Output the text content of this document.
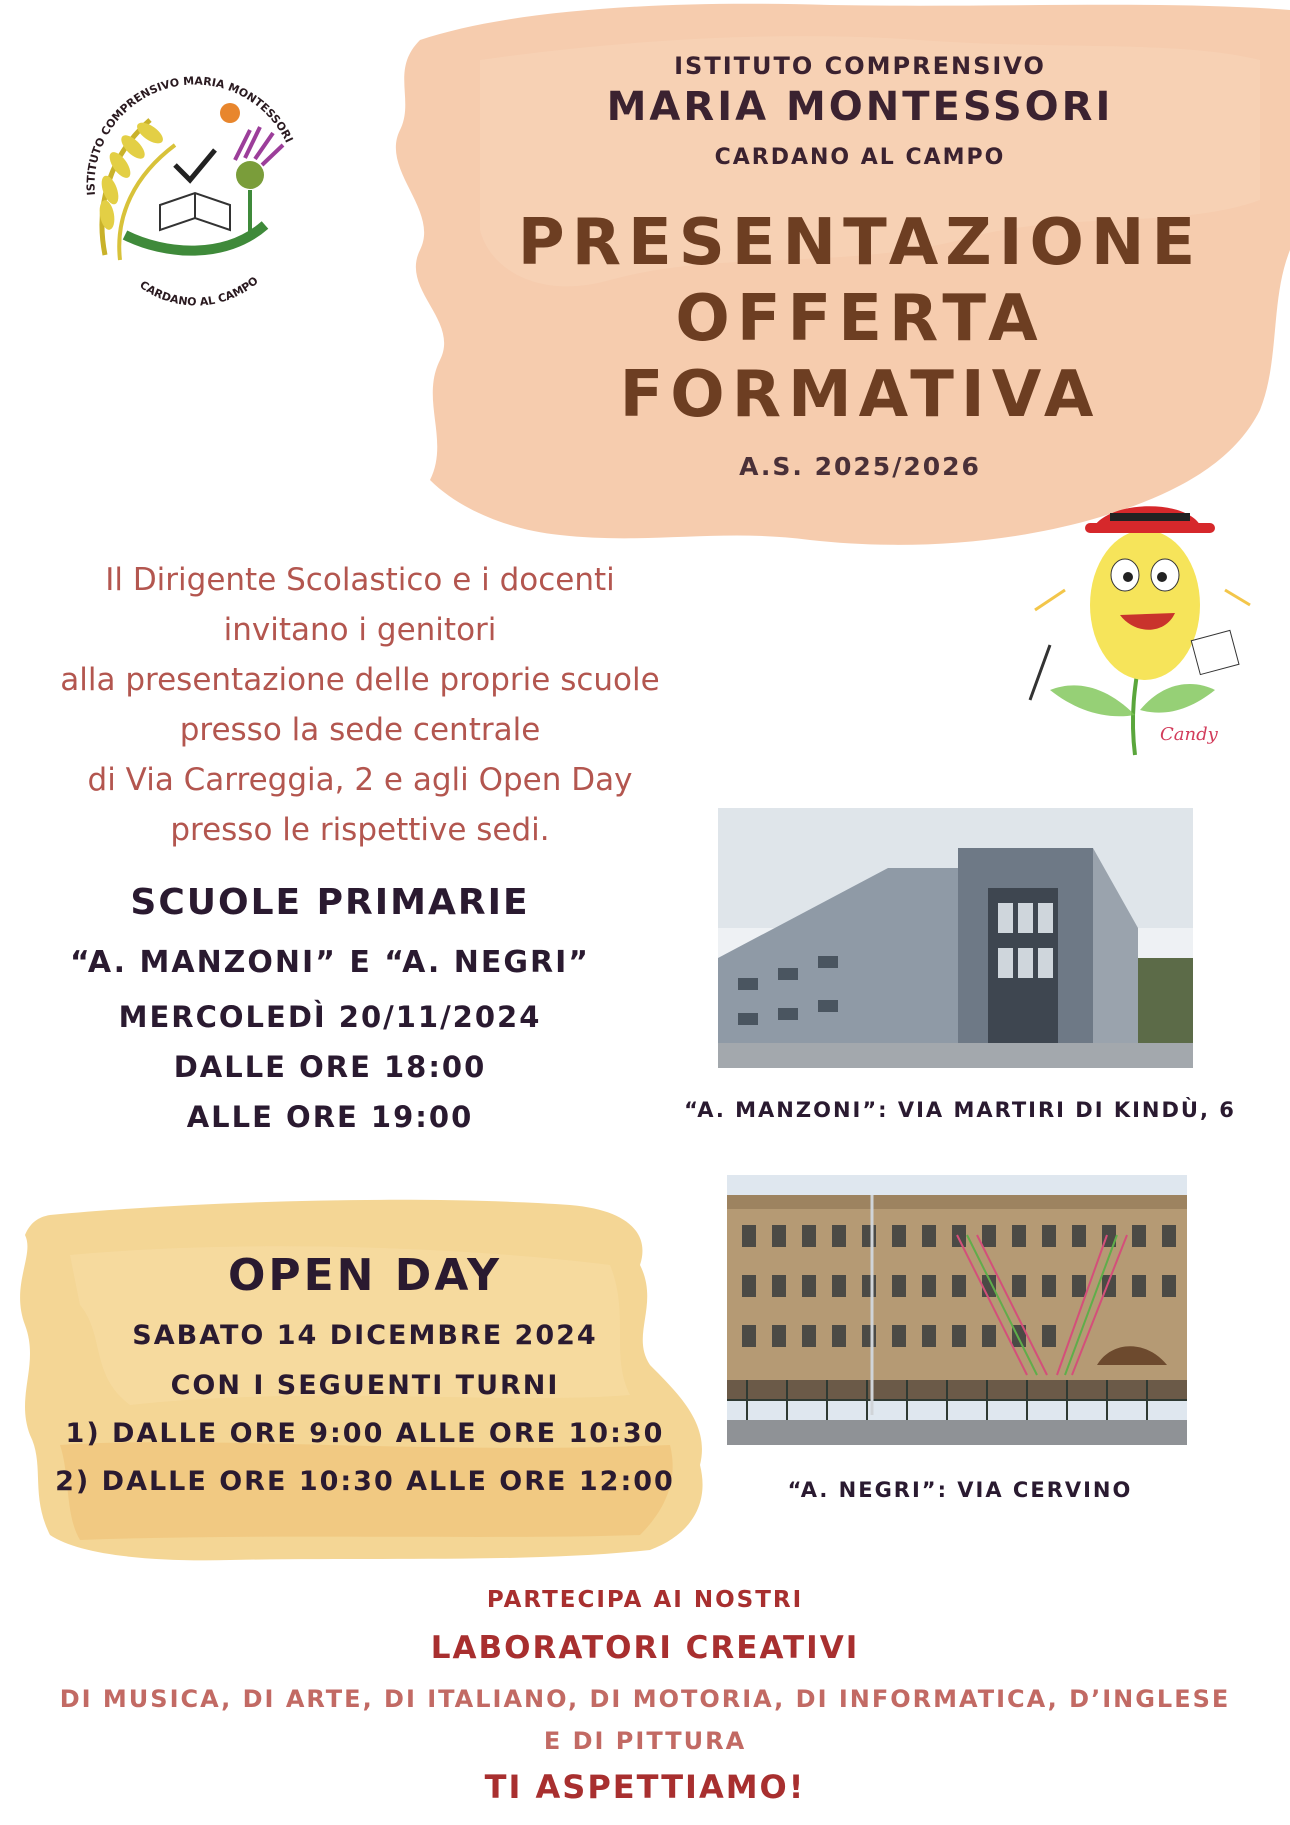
ISTITUTO COMPRENSIVO MARIA MONTESSORI
CARDANO AL CAMPO
ISTITUTO COMPRENSIVO
MARIA MONTESSORI
CARDANO AL CAMPO
PRESENTAZIONE
OFFERTA
FORMATIVA
A.S. 2025/2026
Candy
Il Dirigente Scolastico e i docenti
invitano i genitori
alla presentazione delle proprie scuole
presso la sede centrale
di Via Carreggia, 2 e agli Open Day
presso le rispettive sedi.
SCUOLE PRIMARIE
“A. MANZONI” E “A. NEGRI”
MERCOLEDÌ 20/11/2024
DALLE ORE 18:00
ALLE ORE 19:00	“A. MANZONI”: VIA MARTIRI DI KINDÙ, 6
“A. NEGRI”: VIA CERVINO
OPEN DAY
SABATO 14 DICEMBRE 2024
CON I SEGUENTI TURNI
1) DALLE ORE 9:00 ALLE ORE 10:30
2) DALLE ORE 10:30 ALLE ORE 12:00
PARTECIPA AI NOSTRI
LABORATORI CREATIVI
DI MUSICA, DI ARTE, DI ITALIANO, DI MOTORIA, DI INFORMATICA, D’INGLESE
E DI PITTURA
TI ASPETTIAMO!
